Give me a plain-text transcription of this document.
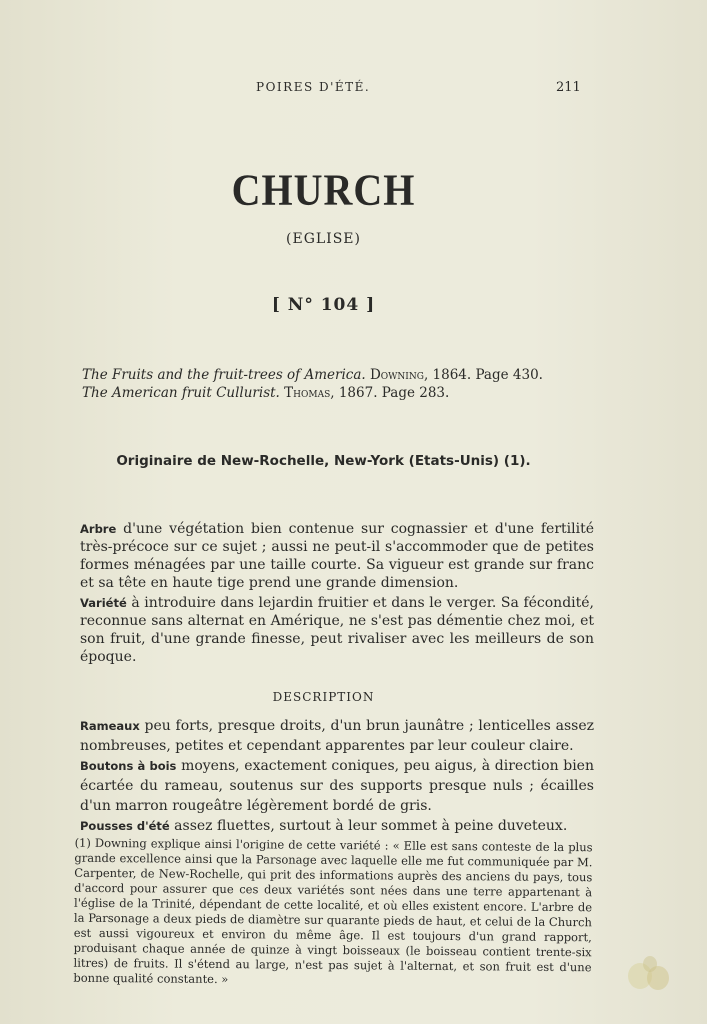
POIRES D'ÉTÉ.	211
CHURCH
(EGLISE)
[ N° 104 ]
The Fruits and the fruit-trees of America. Downing, 1864. Page 430.
The American fruit Cullurist. Thomas, 1867. Page 283.
Originaire de New-Rochelle, New-York (Etats-Unis) (1).

Arbre d'une végétation bien contenue sur cognassier et d'une fertilité très-précoce sur ce sujet ; aussi ne peut-il s'accommoder que de petites formes ménagées par une taille courte. Sa vigueur est grande sur franc et sa tête en haute tige prend une grande dimension.

Variété à introduire dans lejardin fruitier et dans le verger. Sa fécondité, reconnue sans alternat en Amérique, ne s'est pas démentie chez moi, et son fruit, d'une grande finesse, peut rivaliser avec les meilleurs de son époque.

DESCRIPTION

Rameaux peu forts, presque droits, d'un brun jaunâtre ; lenticelles assez nombreuses, petites et cependant apparentes par leur couleur claire.

Boutons à bois moyens, exactement coniques, peu aigus, à direction bien écartée du rameau, soutenus sur des supports presque nuls ; écailles d'un marron rougeâtre légèrement bordé de gris.

Pousses d'été assez fluettes, surtout à leur sommet à peine duveteux.

(1) Downing explique ainsi l'origine de cette variété : « Elle est sans conteste de la plus grande excellence ainsi que la Parsonage avec laquelle elle me fut communiquée par M. Carpenter, de New-Rochelle, qui prit des informations auprès des anciens du pays, tous d'accord pour assurer que ces deux variétés sont nées dans une terre appartenant à l'église de la Trinité, dépendant de cette localité, et où elles existent encore. L'arbre de la Parsonage a deux pieds de diamètre sur quarante pieds de haut, et celui de la Church est aussi vigoureux et environ du même âge. Il est toujours d'un grand rapport, produisant chaque année de quinze à vingt boisseaux (le boisseau contient trente-six litres) de fruits. Il s'étend au large, n'est pas sujet à l'alternat, et son fruit est d'une bonne qualité constante. »
